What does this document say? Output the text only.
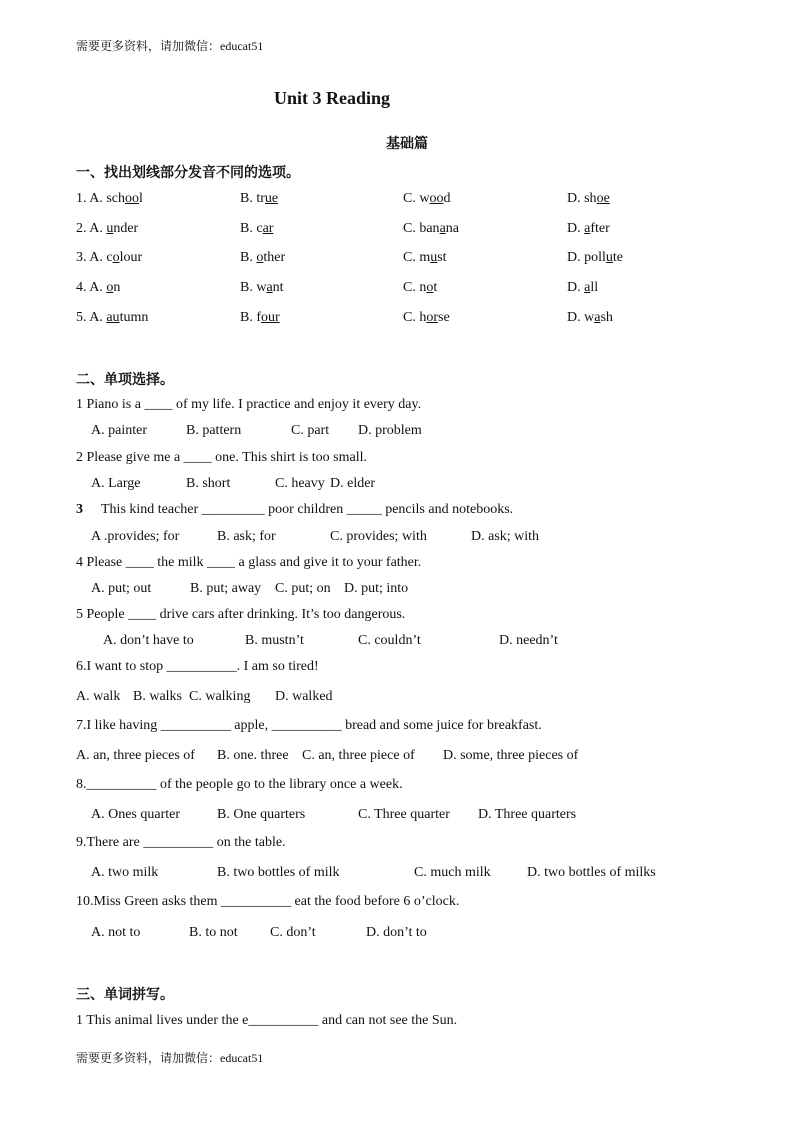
需要更多资料，请加微信：educat51
Unit 3 Reading
基础篇
一、找出划线部分发音不同的选项。
1. A. school	B. true	C. wood	D. shoe
2. A. under	B. car	C. banana	D. after
3. A. colour	B. other	C. must	D. pollute
4. A. on	B. want	C. not	D. all
5. A. autumn	B. four	C. horse	D. wash
二、单项选择。
1 Piano is a ____ of my life. I practice and enjoy it every day.
A. painter	B. pattern	C. part D. problem
2 Please give me a ____ one. This shirt is too small.
A. Large	B. short	C. heavy D. elder
3 This kind teacher _________ poor children _____ pencils and notebooks.
A .provides; for	B. ask; for	C. provides; with	D. ask; with
4 Please ____ the milk ____ a glass and give it to your father.
A. put; out	B. put; away C. put; on D. put; into
5 People ____ drive cars after drinking. It’s too dangerous.
A. don’t have to	B. mustn’t	C. couldn’t	D. needn’t
6.I want to stop __________. I am so tired!
A. walk B. walks C. walking D. walked
7.I like having __________ apple, __________ bread and some juice for breakfast.
A. an, three pieces of B. one. three C. an, three piece of D. some, three pieces of
8.__________ of the people go to the library once a week.
A. Ones quarter	B. One quarters	C. Three quarter D. Three quarters
9.There are __________ on the table.
A. two milk	B. two bottles of milk	C. much milk	D. two bottles of milks
10.Miss Green asks them __________ eat the food before 6 o’clock.
A. not to	B. to not C. don’t	D. don’t to
三、单词拼写。
1 This animal lives under the e__________ and can not see the Sun.
需要更多资料，请加微信：educat51
